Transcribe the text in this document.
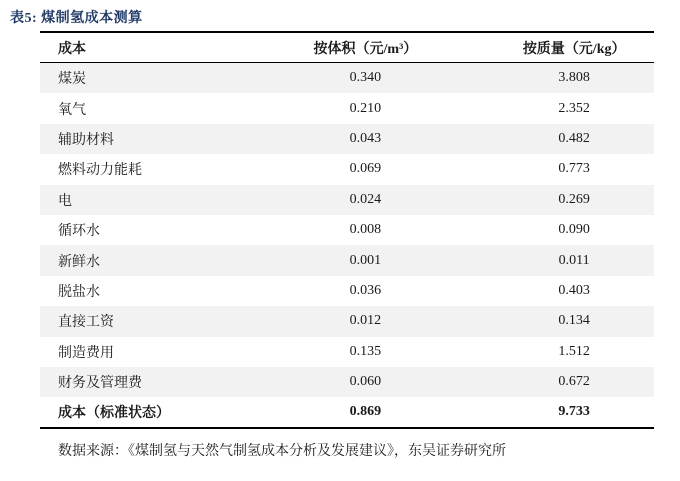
表5: 煤制氢成本测算
成本	按体积（元/m³）	按质量（元/kg）
煤炭	0.340	3.808
氧气	0.210	2.352
辅助材料	0.043	0.482
燃料动力能耗	0.069	0.773
电	0.024	0.269
循环水	0.008	0.090
新鲜水	0.001	0.011
脱盐水	0.036	0.403
直接工资	0.012	0.134
制造费用	0.135	1.512
财务及管理费	0.060	0.672
成本（标准状态）	0.869	9.733
数据来源：《煤制氢与天然气制氢成本分析及发展建议》，东吴证券研究所
